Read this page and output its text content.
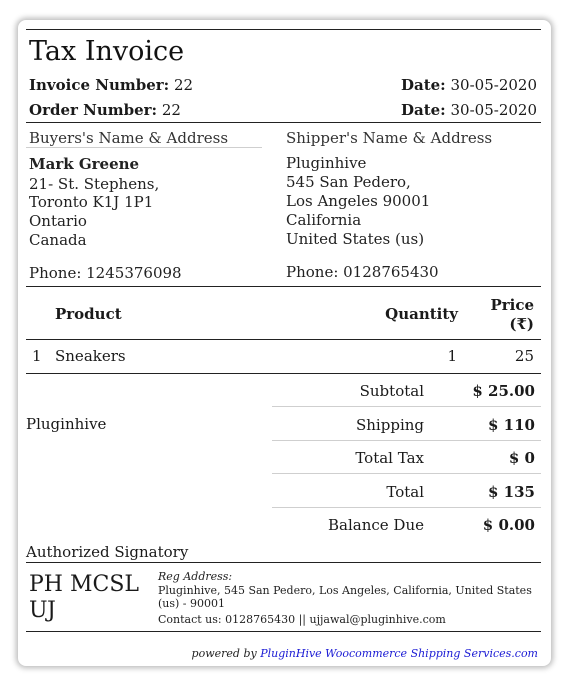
Tax Invoice
Invoice Number: 22	Date: 30-05-2020
Order Number: 22	Date: 30-05-2020
Buyers's Name & Address
Mark Greene
21- St. Stephens,
Toronto K1J 1P1
Ontario
Canada
Phone: 1245376098
Shipper's Name & Address
Pluginhive
545 San Pedero,
Los Angeles 90001
California
United States (us)
Phone: 0128765430
Product	Quantity Price
(₹)
1 Sneakers	1	25
Pluginhive
Subtotal	$ 25.00
Shipping	$ 110
Total Tax	$ 0
Total	$ 135
Balance Due	$ 0.00
Authorized Signatory
PH MCSL
UJ
Reg Address:
Pluginhive, 545 San Pedero, Los Angeles, California, United States
(us) - 90001
Contact us: 0128765430 || ujjawal@pluginhive.com
powered by PluginHive Woocommerce Shipping Services.com
